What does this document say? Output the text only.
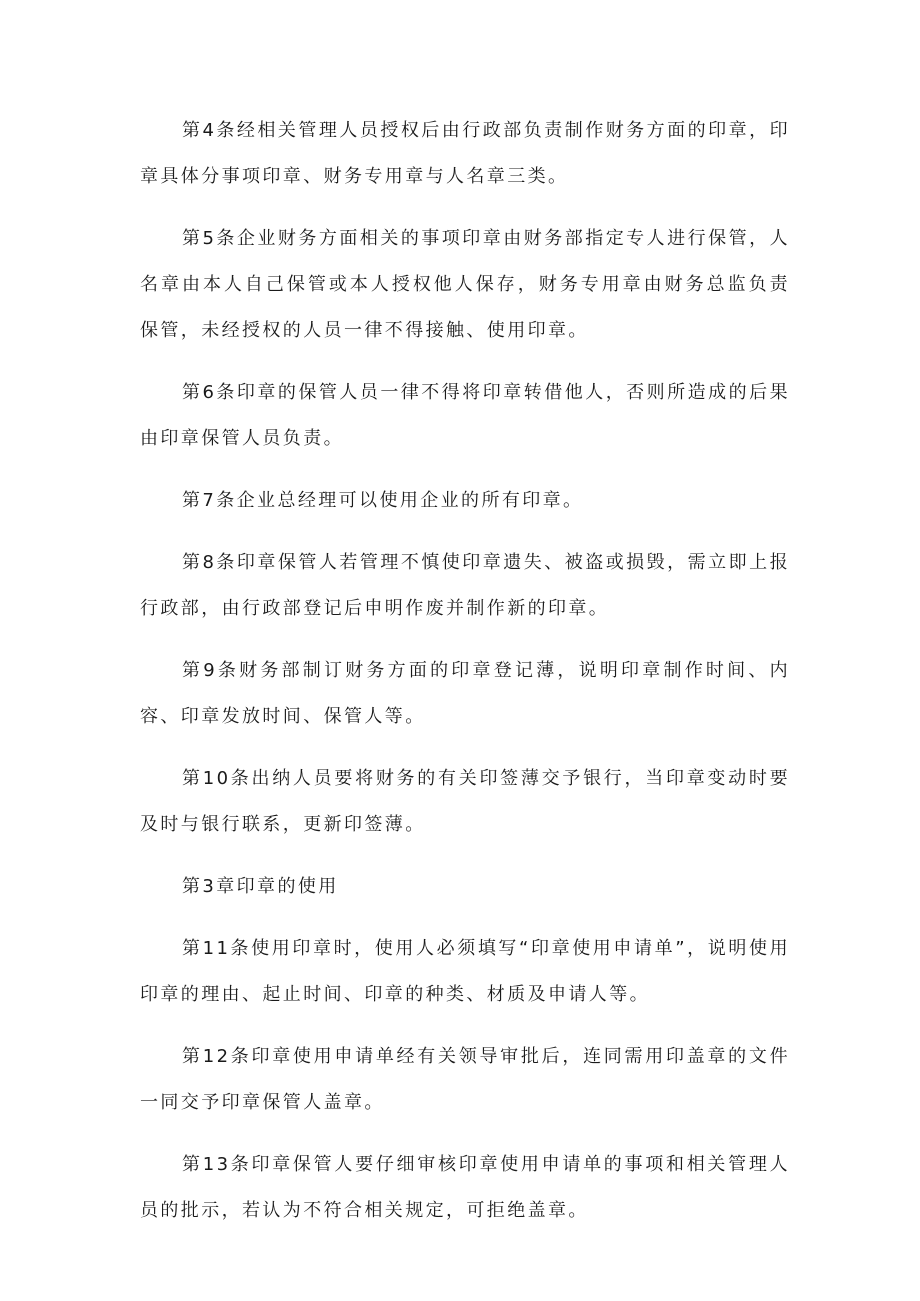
第4条经相关管理人员授权后由行政部负责制作财务方面的印章，印章具体分事项印章、财务专用章与人名章三类。

第5条企业财务方面相关的事项印章由财务部指定专人进行保管，人名章由本人自己保管或本人授权他人保存，财务专用章由财务总监负责保管，未经授权的人员一律不得接触、使用印章。

第6条印章的保管人员一律不得将印章转借他人，否则所造成的后果由印章保管人员负责。

第7条企业总经理可以使用企业的所有印章。

第8条印章保管人若管理不慎使印章遗失、被盗或损毁，需立即上报行政部，由行政部登记后申明作废并制作新的印章。

第9条财务部制订财务方面的印章登记薄，说明印章制作时间、内容、印章发放时间、保管人等。

第10条出纳人员要将财务的有关印签薄交予银行，当印章变动时要及时与银行联系，更新印签薄。

第3章印章的使用

第11条使用印章时，使用人必须填写“印章使用申请单”，说明使用印章的理由、起止时间、印章的种类、材质及申请人等。

第12条印章使用申请单经有关领导审批后，连同需用印盖章的文件一同交予印章保管人盖章。

第13条印章保管人要仔细审核印章使用申请单的事项和相关管理人员的批示，若认为不符合相关规定，可拒绝盖章。
